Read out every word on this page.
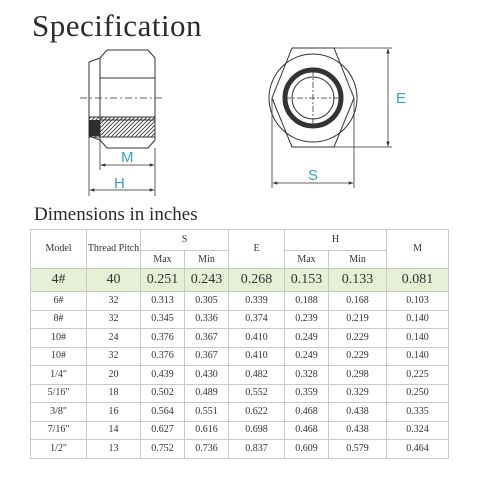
Specification
M
H	S
E
Dimensions in inches
Model	Thread Pitch	S		E	H		M
		Max	Min		Max	Min	
4#	40	0.251	0.243	0.268	0.153	0.133	0.081
6#	32	0.313	0.305	0.339	0.188	0.168	0.103
8#	32	0.345	0.336	0.374	0.239	0.219	0.140
10#	24	0.376	0.367	0.410	0.249	0.229	0.140
10#	32	0.376	0.367	0.410	0.249	0.229	0.140
1/4"	20	0.439	0.430	0.482	0.328	0.298	0.225
5/16"	18	0.502	0.489	0.552	0.359	0.329	0.250
3/8"	16	0.564	0.551	0.622	0.468	0.438	0.335
7/16"	14	0.627	0.616	0.698	0.468	0.438	0.324
1/2"	13	0.752	0.736	0.837	0.609	0.579	0.464
